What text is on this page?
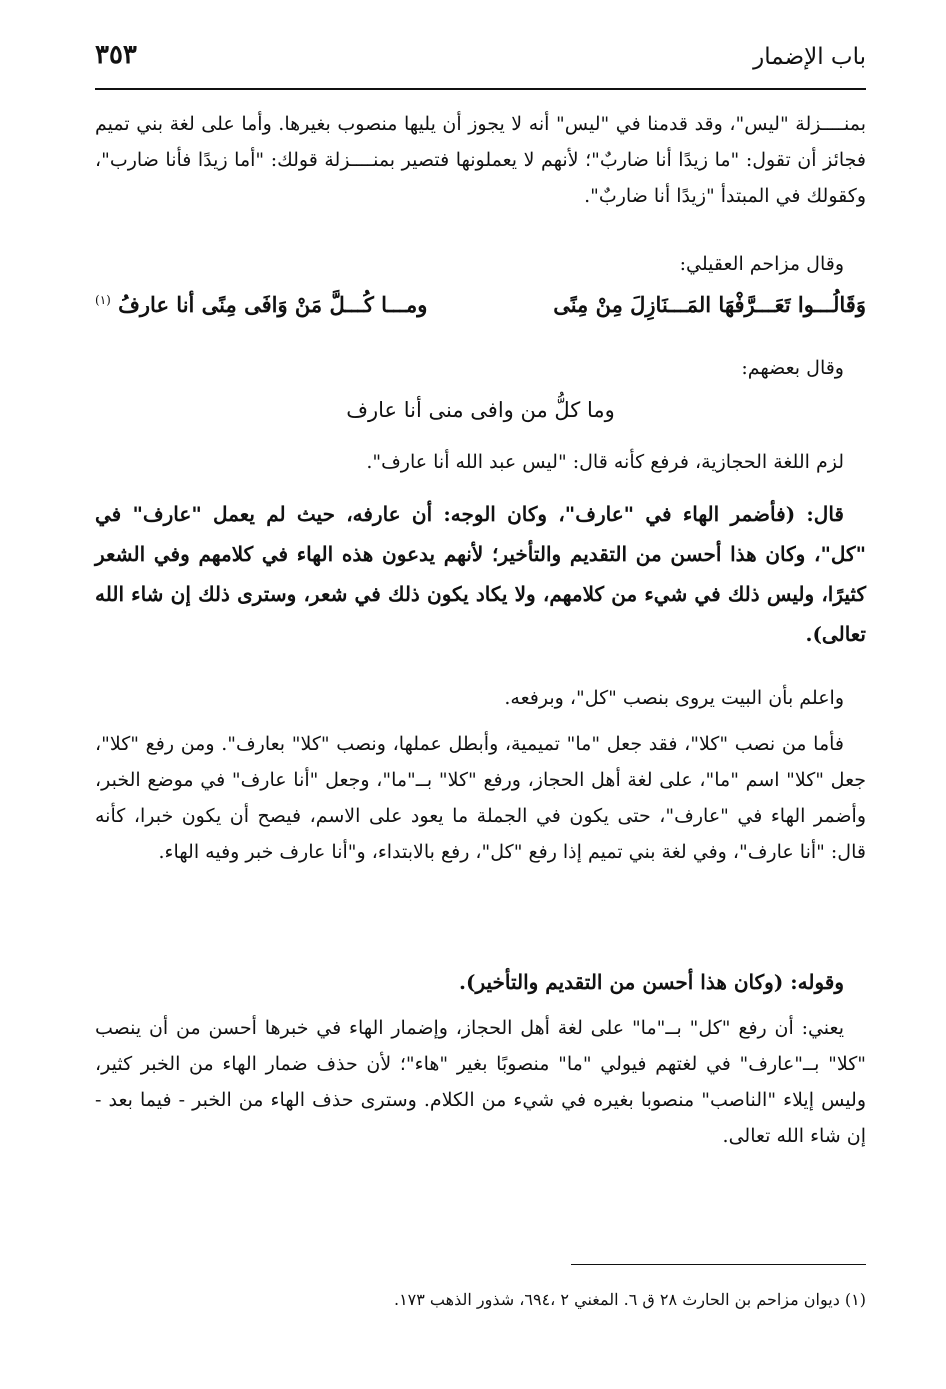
باب الإضمار
٣٥٣
بمنــــزلة "ليس"، وقد قدمنا في "ليس" أنه لا يجوز أن يليها منصوب بغيرها. وأما على لغة بني تميم فجائز أن تقول: "ما زيدًا أنا ضاربٌ"؛ لأنهم لا يعملونها فتصير بمنــــزلة قولك: "أما زيدًا فأنا ضارب"، وكقولك في المبتدأ "زيدًا أنا ضاربٌ".
وقال مزاحم العقيلي:
وَقَالُـــوا تَعَـــرَّفْهَا المَـــنَازِلَ مِنْ مِنًى
ومـــا كُـــلَّ مَنْ وَافَى مِنًى أنا عارفُ $^{(١)}$
وقال بعضهم:
وما كلُّ من وافى منى أنا عارف
لزم اللغة الحجازية، فرفع كأنه قال: "ليس عبد الله أنا عارف".
قال: (فأضمر الهاء في "عارف"، وكان الوجه: أن عارفه، حيث لم يعمل "عارف" في "كل"، وكان هذا أحسن من التقديم والتأخير؛ لأنهم يدعون هذه الهاء في كلامهم وفي الشعر كثيرًا، وليس ذلك في شيء من كلامهم، ولا يكاد يكون ذلك في شعر، وسترى ذلك إن شاء الله تعالى).
واعلم بأن البيت يروى بنصب "كل"، وبرفعه.
فأما من نصب "كلا"، فقد جعل "ما" تميمية، وأبطل عملها، ونصب "كلا" بعارف". ومن رفع "كلا"، جعل "كلا" اسم "ما"، على لغة أهل الحجاز، ورفع "كلا" بــ"ما"، وجعل "أنا عارف" في موضع الخبر، وأضمر الهاء في "عارف"، حتى يكون في الجملة ما يعود على الاسم، فيصح أن يكون خبرا، كأنه قال: "أنا عارف"، وفي لغة بني تميم إذا رفع "كل"، رفع بالابتداء، و"أنا عارف خبر وفيه الهاء.
وقوله: (وكان هذا أحسن من التقديم والتأخير).
يعني: أن رفع "كل" بــ"ما" على لغة أهل الحجاز، وإضمار الهاء في خبرها أحسن من أن ينصب "كلا" بــ"عارف" في لغتهم فيولي "ما" منصوبًا بغير "هاء"؛ لأن حذف ضمار الهاء من الخبر كثير، وليس إيلاء "الناصب" منصوبا بغيره في شيء من الكلام. وسترى حذف الهاء من الخبر - فيما بعد - إن شاء الله تعالى.
(١) ديوان مزاحم بن الحارث ٢٨ ق ٦. المغني ٢ ،٦٩٤، شذور الذهب ١٧٣.
